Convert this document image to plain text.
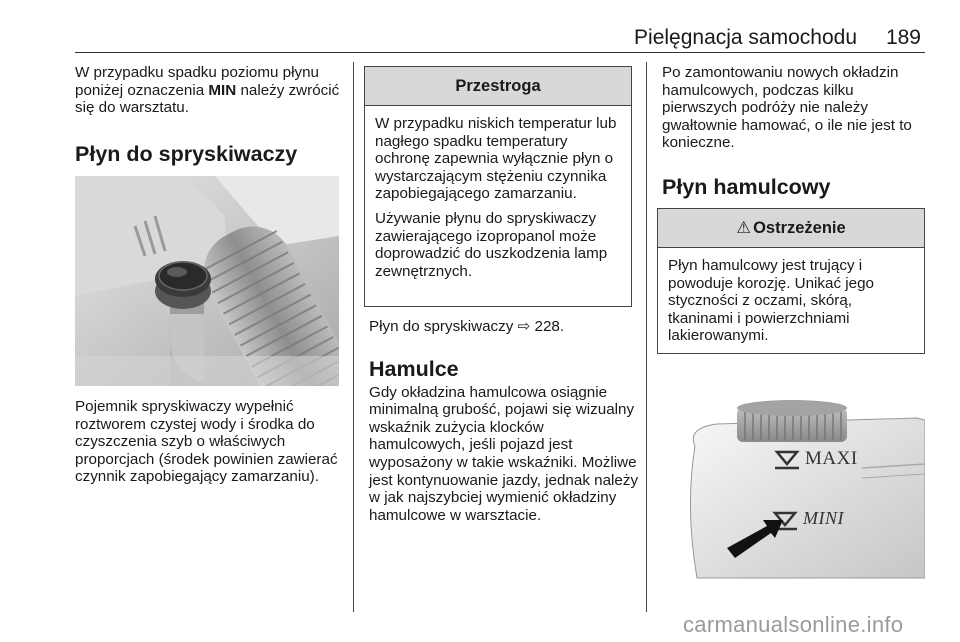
Pielęgnacja samochodu 189

W przypadku spadku poziomu płynu poniżej oznaczenia MIN należy zwrócić się do warsztatu.

Płyn do spryskiwaczy

Pojemnik spryskiwaczy wypełnić roztworem czystej wody i środka do czyszczenia szyb o właściwych proporcjach (środek powinien zawierać czynnik zapobiegający zamarzaniu).

Przestroga

W przypadku niskich temperatur lub nagłego spadku temperatury ochronę zapewnia wyłącznie płyn o wystarczającym stężeniu czynnika zapobiegającego zamarzaniu.

Używanie płynu do spryskiwaczy zawierającego izopropanol może doprowadzić do uszkodzenia lamp zewnętrznych.

Płyn do spryskiwaczy ⇨ 228.

Hamulce

Gdy okładzina hamulcowa osiągnie minimalną grubość, pojawi się wizualny wskaźnik zużycia klocków hamulcowych, jeśli pojazd jest wyposażony w takie wskaźniki. Możliwe jest kontynuowanie jazdy, jednak należy w jak najszybciej wymienić okładziny hamulcowe w warsztacie.

Po zamontowaniu nowych okładzin hamulcowych, podczas kilku pierwszych podróży nie należy gwałtownie hamować, o ile nie jest to konieczne.

Płyn hamulcowy
⚠ Ostrzeżenie

Płyn hamulcowy jest trujący i powoduje korozję. Unikać jego styczności z oczami, skórą, tkaninami i powierzchniami lakierowanymi.

MAXI
MINI
carmanualsonline.info
